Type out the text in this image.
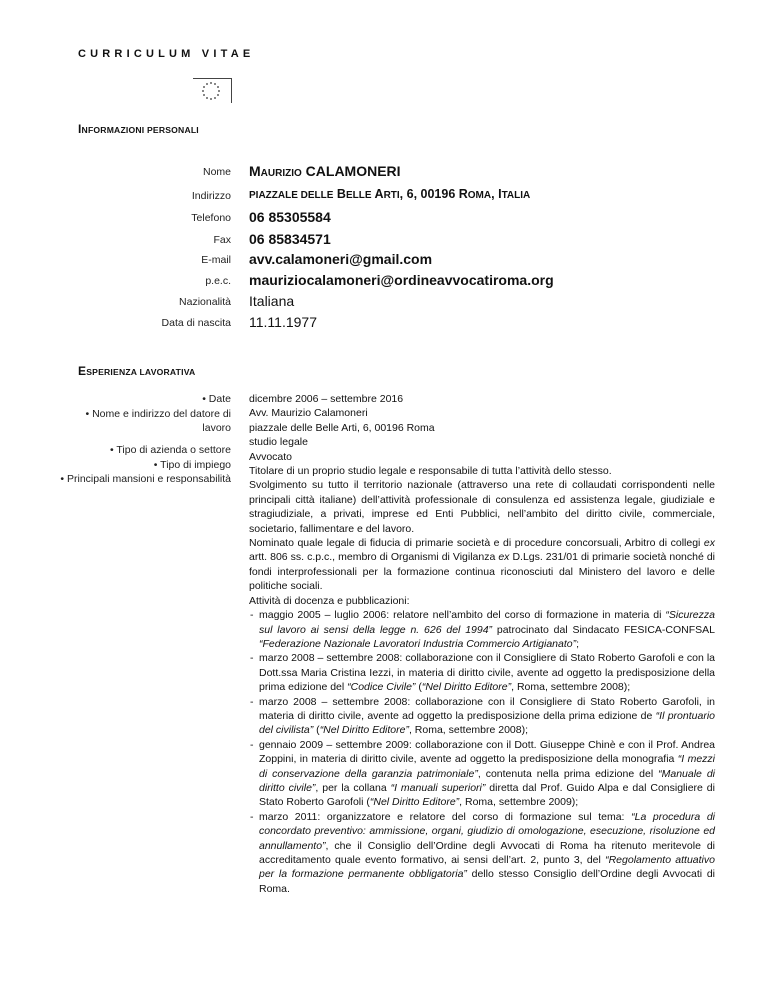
CURRICULUM VITAE
INFORMAZIONI PERSONALI
Nome MAURIZIO CALAMONERI
Indirizzo PIAZZALE DELLE BELLE ARTI, 6, 00196 ROMA, ITALIA
Telefono 06 85305584
Fax 06 85834571
E-mail avv.calamoneri@gmail.com
p.e.c. mauriziocalamoneri@ordineavvocatiroma.org
Nazionalità Italiana
Data di nascita 11.11.1977
ESPERIENZA LAVORATIVA
• Date
• Nome e indirizzo del datore di
lavoro
• Tipo di azienda o settore
• Tipo di impiego
• Principali mansioni e responsabilità

dicembre 2006 – settembre 2016

Avv. Maurizio Calamoneri

piazzale delle Belle Arti, 6, 00196 Roma

studio legale

Avvocato

Titolare di un proprio studio legale e responsabile di tutta l’attività dello stesso.

Svolgimento su tutto il territorio nazionale (attraverso una rete di collaudati corrispondenti nelle principali città italiane) dell’attività professionale di consulenza ed assistenza legale, giudiziale e stragiudiziale, a privati, imprese ed Enti Pubblici, nell’ambito del diritto civile, commerciale, societario, fallimentare e del lavoro.

Nominato quale legale di fiducia di primarie società e di procedure concorsuali, Arbitro di collegi ex artt. 806 ss. c.p.c., membro di Organismi di Vigilanza ex D.Lgs. 231/01 di primarie società nonché di fondi interprofessionali per la formazione continua riconosciuti dal Ministero del lavoro e delle politiche sociali.

Attività di docenza e pubblicazioni:

- maggio 2005 – luglio 2006: relatore nell’ambito del corso di formazione in materia di “Sicurezza sul lavoro ai sensi della legge n. 626 del 1994” patrocinato dal Sindacato FESICA-CONFSAL “Federazione Nazionale Lavoratori Industria Commercio Artigianato”;
- marzo 2008 – settembre 2008: collaborazione con il Consigliere di Stato Roberto Garofoli e con la Dott.ssa Maria Cristina Iezzi, in materia di diritto civile, avente ad oggetto la predisposizione della prima edizione del “Codice Civile” (“Nel Diritto Editore”, Roma, settembre 2008);
- marzo 2008 – settembre 2008: collaborazione con il Consigliere di Stato Roberto Garofoli, in materia di diritto civile, avente ad oggetto la predisposizione della prima edizione de “Il prontuario del civilista” (“Nel Diritto Editore”, Roma, settembre 2008);
- gennaio 2009 – settembre 2009: collaborazione con il Dott. Giuseppe Chinè e con il Prof. Andrea Zoppini, in materia di diritto civile, avente ad oggetto la predisposizione della monografia “I mezzi di conservazione della garanzia patrimoniale”, contenuta nella prima edizione del “Manuale di diritto civile”, per la collana “I manuali superiori” diretta dal Prof. Guido Alpa e dal Consigliere di Stato Roberto Garofoli (“Nel Diritto Editore”, Roma, settembre 2009);
- marzo 2011: organizzatore e relatore del corso di formazione sul tema: “La procedura di concordato preventivo: ammissione, organi, giudizio di omologazione, esecuzione, risoluzione ed annullamento”, che il Consiglio dell’Ordine degli Avvocati di Roma ha ritenuto meritevole di accreditamento quale evento formativo, ai sensi dell’art. 2, punto 3, del “Regolamento attuativo per la formazione permanente obbligatoria” dello stesso Consiglio dell’Ordine degli Avvocati di Roma.
